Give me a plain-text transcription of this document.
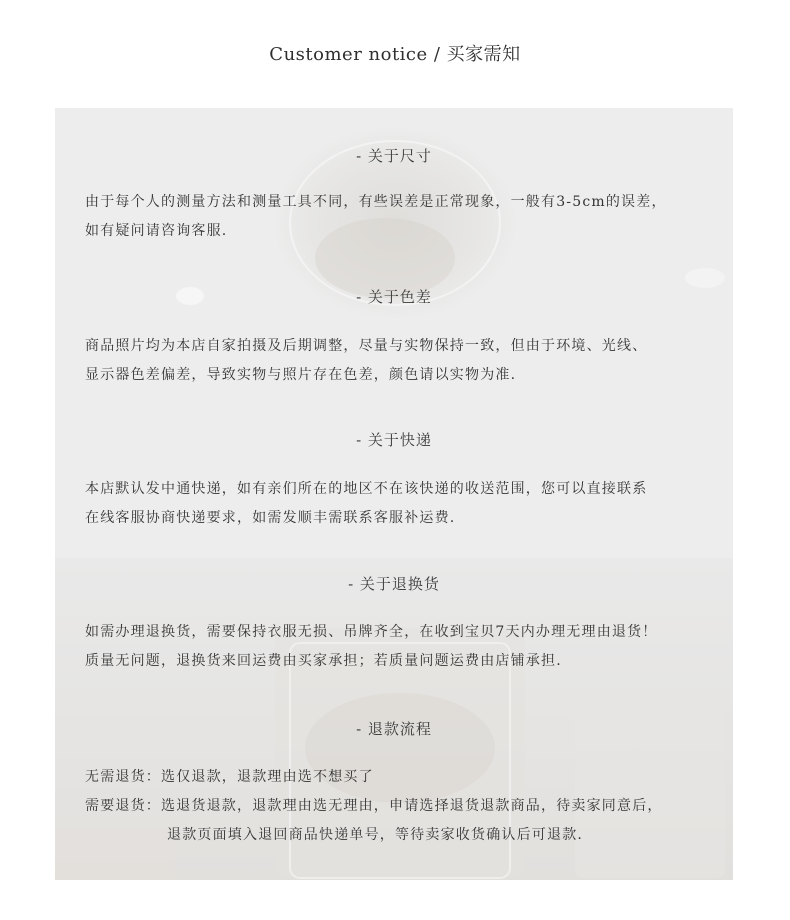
Customer notice / 买家需知
- 关于尺寸

由于每个人的测量方法和测量工具不同，有些误差是正常现象，一般有3-5cm的误差，
如有疑问请咨询客服.

- 关于色差

商品照片均为本店自家拍摄及后期调整，尽量与实物保持一致，但由于环境、光线、
显示器色差偏差，导致实物与照片存在色差，颜色请以实物为准.

- 关于快递

本店默认发中通快递，如有亲们所在的地区不在该快递的收送范围，您可以直接联系
在线客服协商快递要求，如需发顺丰需联系客服补运费.

- 关于退换货

如需办理退换货，需要保持衣服无损、吊牌齐全，在收到宝贝7天内办理无理由退货！
质量无问题，退换货来回运费由买家承担；若质量问题运费由店铺承担.

- 退款流程

无需退货：选仅退款，退款理由选不想买了
需要退货：选退货退款，退款理由选无理由，申请选择退货退款商品，待卖家同意后，
退款页面填入退回商品快递单号，等待卖家收货确认后可退款.
